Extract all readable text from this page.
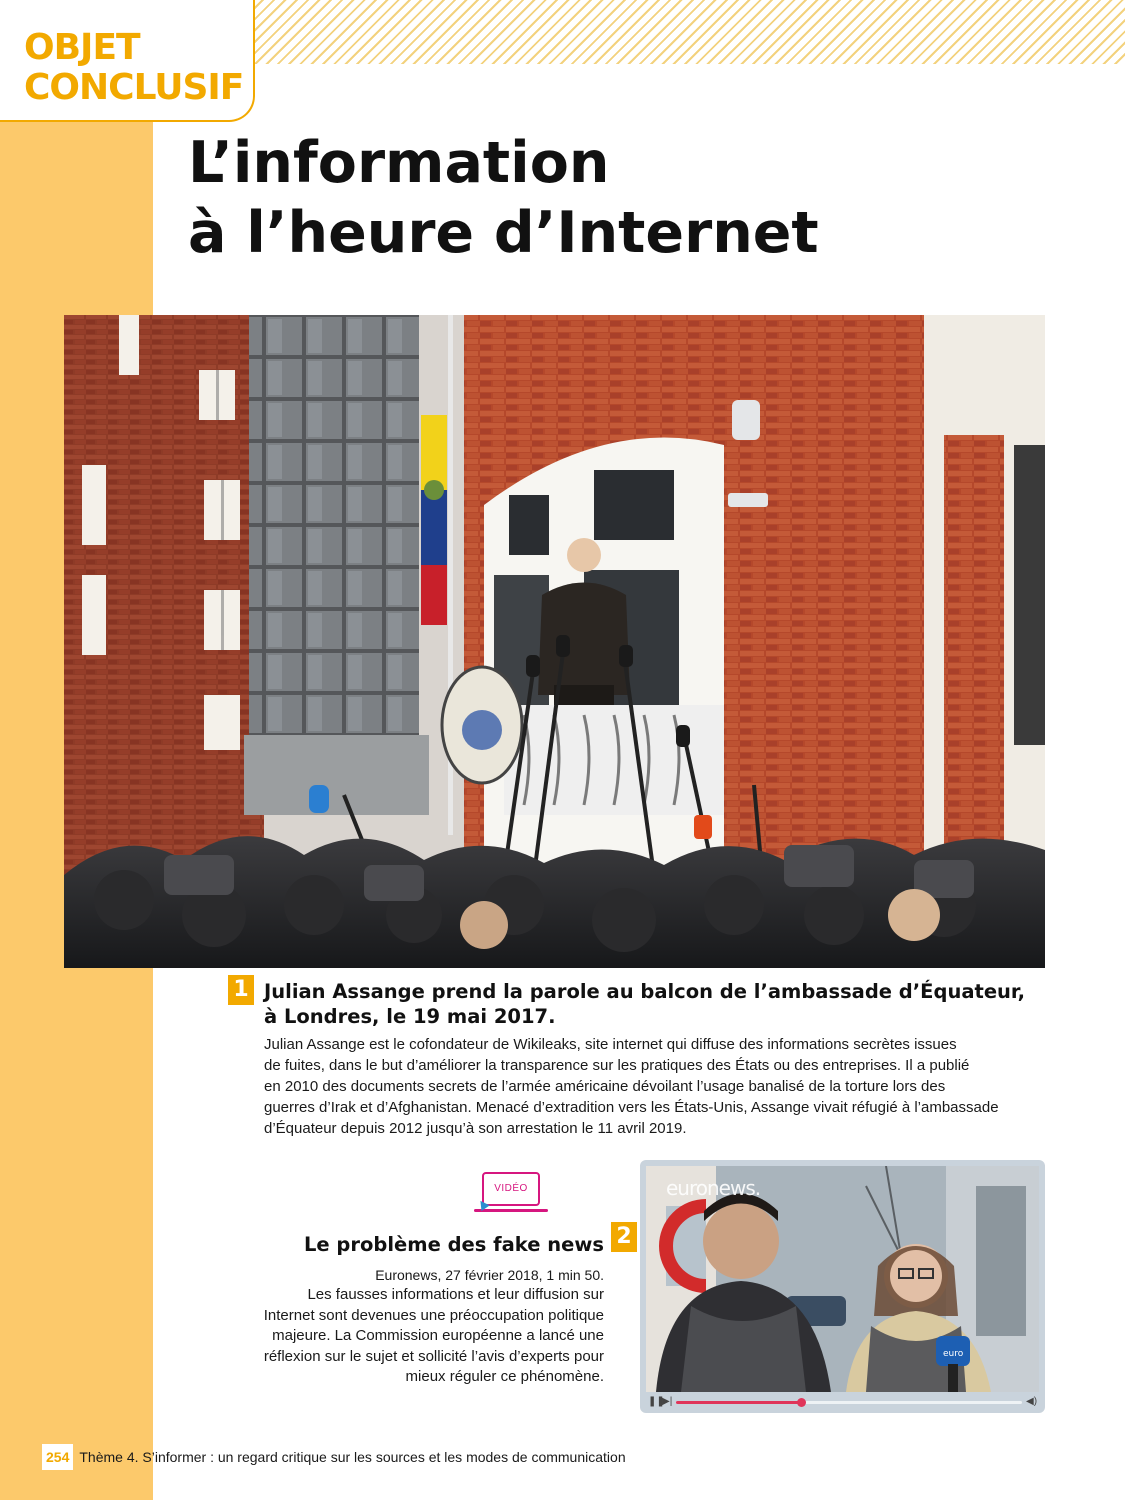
OBJET
CONCLUSIF
L’information
à l’heure d’Internet
1 Julian Assange prend la parole au balcon de l’ambassade d’Équateur, à Londres, le 19 mai 2017.

Julian Assange est le cofondateur de Wikileaks, site internet qui diffuse des informations secrètes issues
de fuites, dans le but d’améliorer la transparence sur les pratiques des États ou des entreprises. Il a publié
en 2010 des documents secrets de l’armée américaine dévoilant l’usage banalisé de la torture lors des
guerres d’Irak et d’Afghanistan. Menacé d’extradition vers les États-Unis, Assange vivait réfugié à l’ambassade
d’Équateur depuis 2012 jusqu’à son arrestation le 11 avril 2019.

VIDÉO
Le problème des fake news 2
Euronews, 27 février 2018, 1 min 50.

Les fausses informations et leur diffusion sur
Internet sont devenues une préoccupation politique
majeure. La Commission européenne a lancé une
réflexion sur le sujet et sollicité l’avis d’experts pour
mieux réguler ce phénomène.

euro
euronews.
❚❚
▶|	◀)
254 Thème 4. S’informer : un regard critique sur les sources et les modes de communication
